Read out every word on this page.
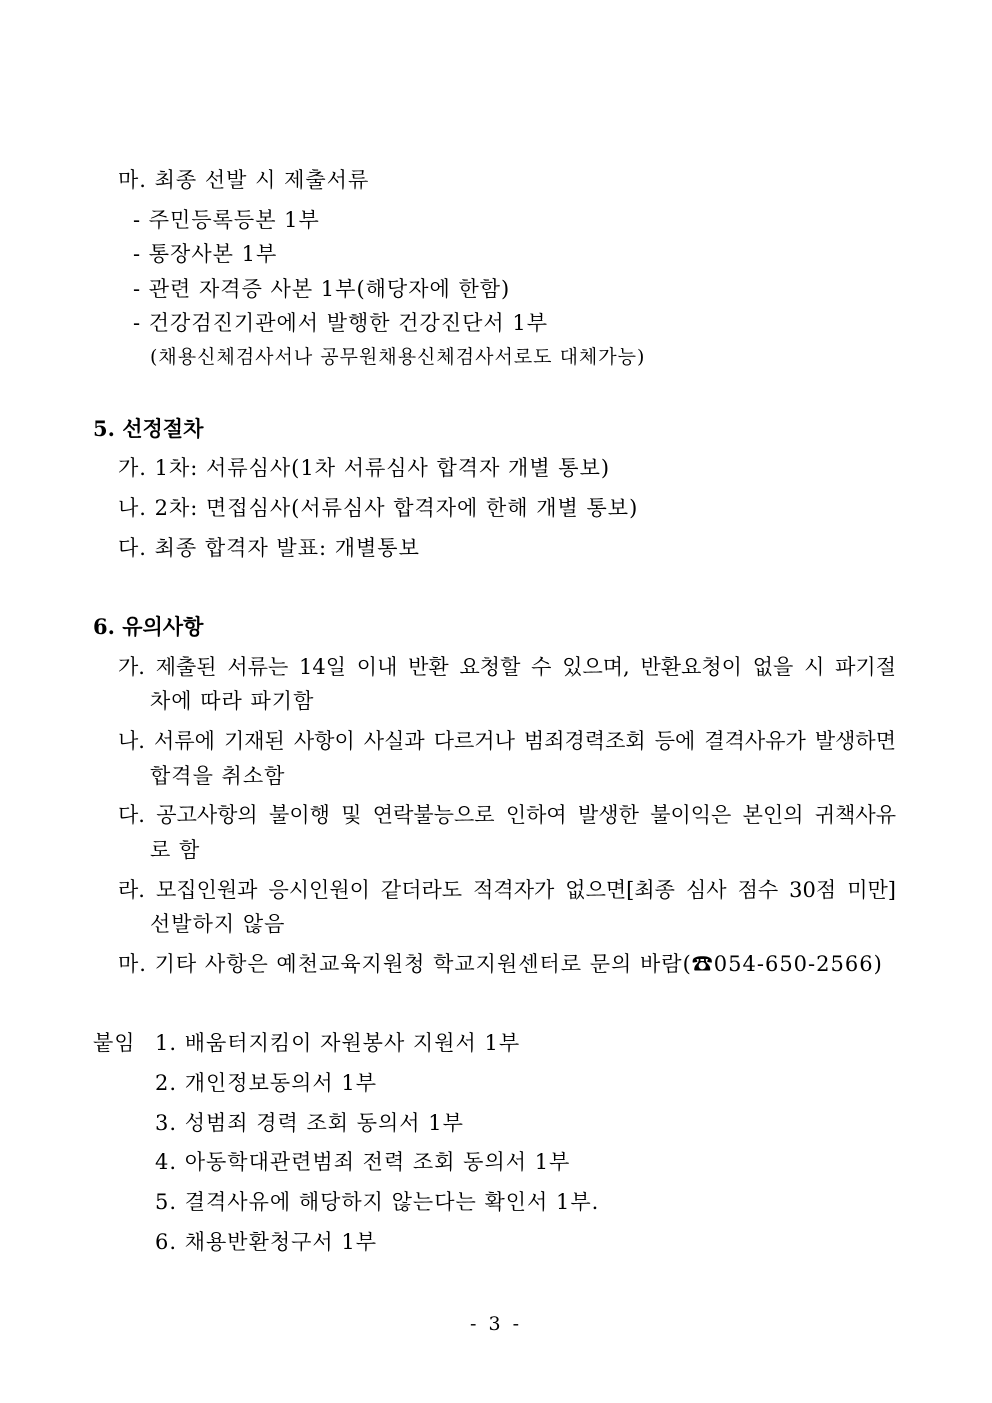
마. 최종 선발 시 제출서류
- 주민등록등본 1부
- 통장사본 1부
- 관련 자격증 사본 1부(해당자에 한함)
- 건강검진기관에서 발행한 건강진단서 1부
(채용신체검사서나 공무원채용신체검사서로도 대체가능)
5. 선정절차
가. 1차: 서류심사(1차 서류심사 합격자 개별 통보)
나. 2차: 면접심사(서류심사 합격자에 한해 개별 통보)
다. 최종 합격자 발표: 개별통보
6. 유의사항
가. 제출된 서류는 14일 이내 반환 요청할 수 있으며, 반환요청이 없을 시 파기절
차에 따라 파기함
나. 서류에 기재된 사항이 사실과 다르거나 범죄경력조회 등에 결격사유가 발생하면
합격을 취소함
다. 공고사항의 불이행 및 연락불능으로 인하여 발생한 불이익은 본인의 귀책사유
로 함
라. 모집인원과 응시인원이 같더라도 적격자가 없으면[최종 심사 점수 30점 미만]
선발하지 않음
마. 기타 사항은 예천교육지원청 학교지원센터로 문의 바람(☎054-650-2566)
붙임 1. 배움터지킴이 자원봉사 지원서 1부
2. 개인정보동의서 1부
3. 성범죄 경력 조회 동의서 1부
4. 아동학대관련범죄 전력 조회 동의서 1부
5. 결격사유에 해당하지 않는다는 확인서 1부.
6. 채용반환청구서 1부
- 3 -
